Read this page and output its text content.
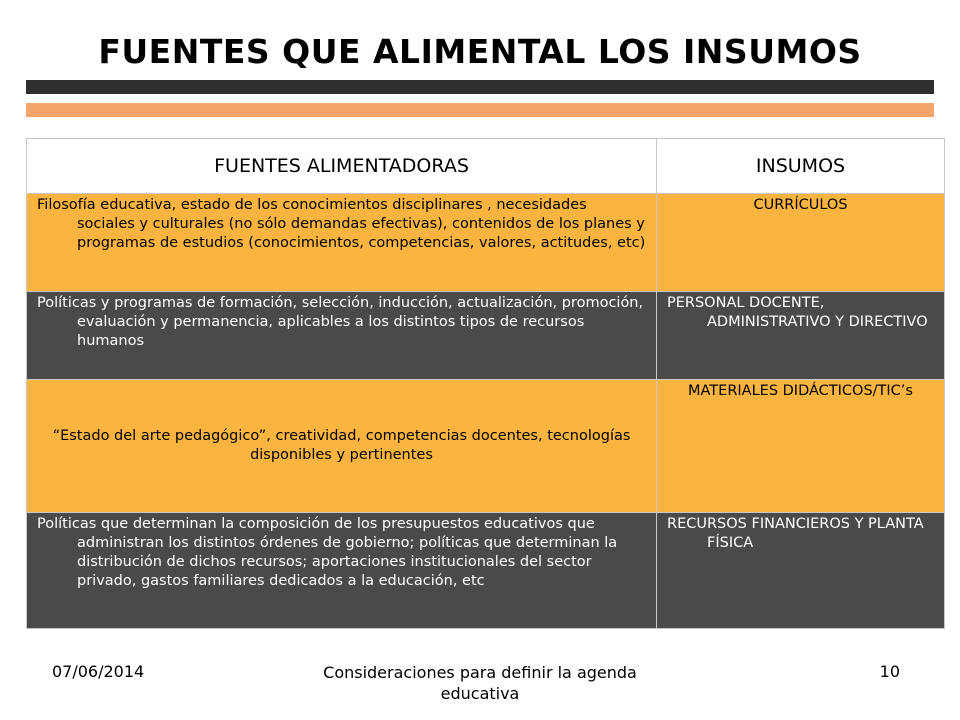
FUENTES QUE ALIMENTAL LOS INSUMOS
FUENTES ALIMENTADORAS	INSUMOS
Filosofía educativa, estado de los conocimientos disciplinares , necesidades sociales y culturales (no sólo demandas efectivas), contenidos de los planes y programas de estudios (conocimientos, competencias, valores, actitudes, etc)	CURRÍCULOS
Políticas y programas de formación, selección, inducción, actualización, promoción, evaluación y permanencia, aplicables a los distintos tipos de recursos humanos	PERSONAL DOCENTE, ADMINISTRATIVO Y DIRECTIVO
“Estado del arte pedagógico”, creatividad, competencias docentes, tecnologías disponibles y pertinentes	MATERIALES DIDÁCTICOS/TIC’s
Políticas que determinan la composición de los presupuestos educativos que administran los distintos órdenes de gobierno; políticas que determinan la distribución de dichos recursos; aportaciones institucionales del sector privado, gastos familiares dedicados a la educación, etc	RECURSOS FINANCIEROS Y PLANTA FÍSICA
07/06/2014	Consideraciones para definir la agenda educativa
10
